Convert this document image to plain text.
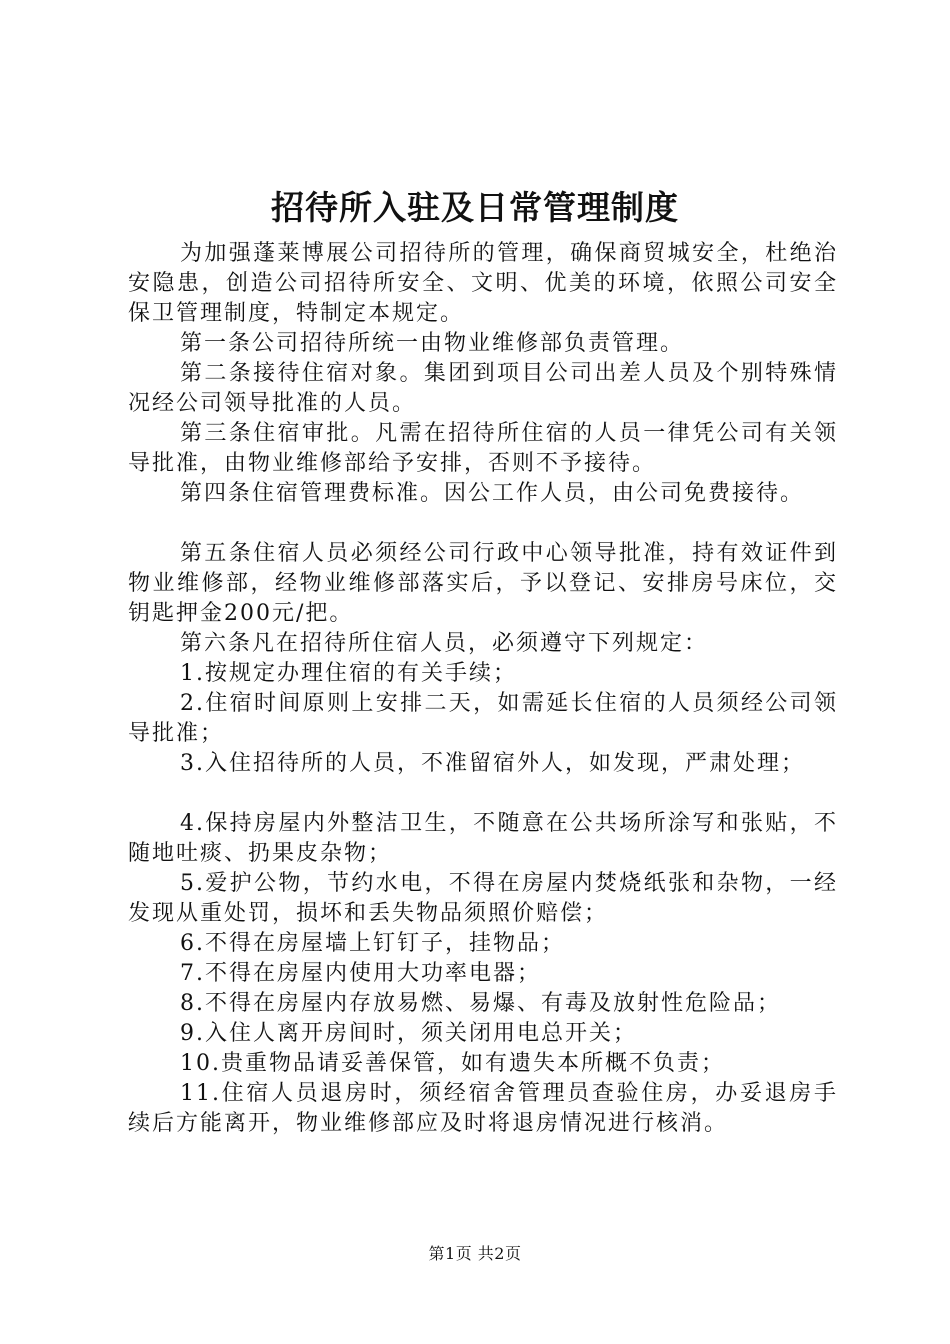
招待所入驻及日常管理制度

为加强蓬莱博展公司招待所的管理，确保商贸城安全，杜绝治安隐患，创造公司招待所安全、文明、优美的环境，依照公司安全保卫管理制度，特制定本规定。

第一条公司招待所统一由物业维修部负责管理。

第二条接待住宿对象。集团到项目公司出差人员及个别特殊情况经公司领导批准的人员。

第三条住宿审批。凡需在招待所住宿的人员一律凭公司有关领导批准，由物业维修部给予安排，否则不予接待。

第四条住宿管理费标准。因公工作人员，由公司免费接待。

第五条住宿人员必须经公司行政中心领导批准，持有效证件到物业维修部，经物业维修部落实后，予以登记、安排房号床位，交钥匙押金200元/把。

第六条凡在招待所住宿人员，必须遵守下列规定：

1.按规定办理住宿的有关手续；

2.住宿时间原则上安排二天，如需延长住宿的人员须经公司领导批准；

3.入住招待所的人员，不准留宿外人，如发现，严肃处理；

4.保持房屋内外整洁卫生，不随意在公共场所涂写和张贴，不随地吐痰、扔果皮杂物；

5.爱护公物，节约水电，不得在房屋内焚烧纸张和杂物，一经发现从重处罚，损坏和丢失物品须照价赔偿；

6.不得在房屋墙上钉钉子，挂物品；

7.不得在房屋内使用大功率电器；

8.不得在房屋内存放易燃、易爆、有毒及放射性危险品；

9.入住人离开房间时，须关闭用电总开关；

10.贵重物品请妥善保管，如有遗失本所概不负责；

11.住宿人员退房时，须经宿舍管理员查验住房，办妥退房手续后方能离开，物业维修部应及时将退房情况进行核消。

第1页 共2页
